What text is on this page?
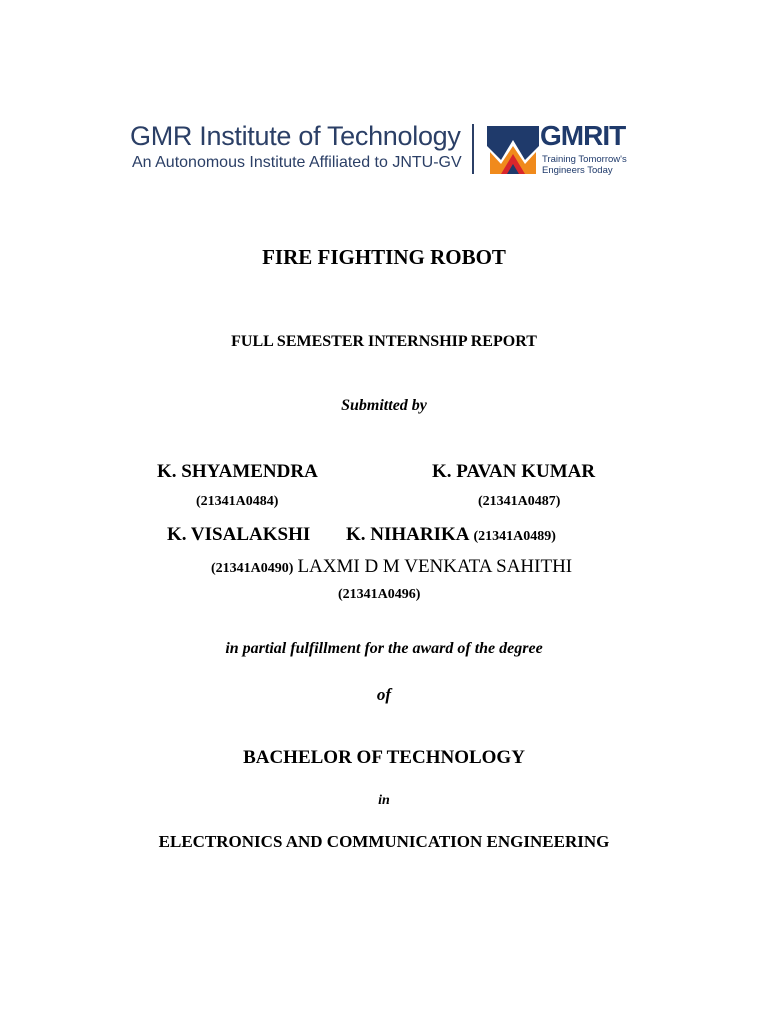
GMR Institute of Technology
An Autonomous Institute Affiliated to JNTU-GV
GMRIT
Training Tomorrow's
Engineers Today
FIRE FIGHTING ROBOT
FULL SEMESTER INTERNSHIP REPORT
Submitted by
K. SHYAMENDRA	K. PAVAN KUMAR
(21341A0484)	(21341A0487)
K. VISALAKSHI K. NIHARIKA (21341A0489)
(21341A0490) LAXMI D M VENKATA SAHITHI
(21341A0496)
in partial fulfillment for the award of the degree
of
BACHELOR OF TECHNOLOGY
in
ELECTRONICS AND COMMUNICATION ENGINEERING
